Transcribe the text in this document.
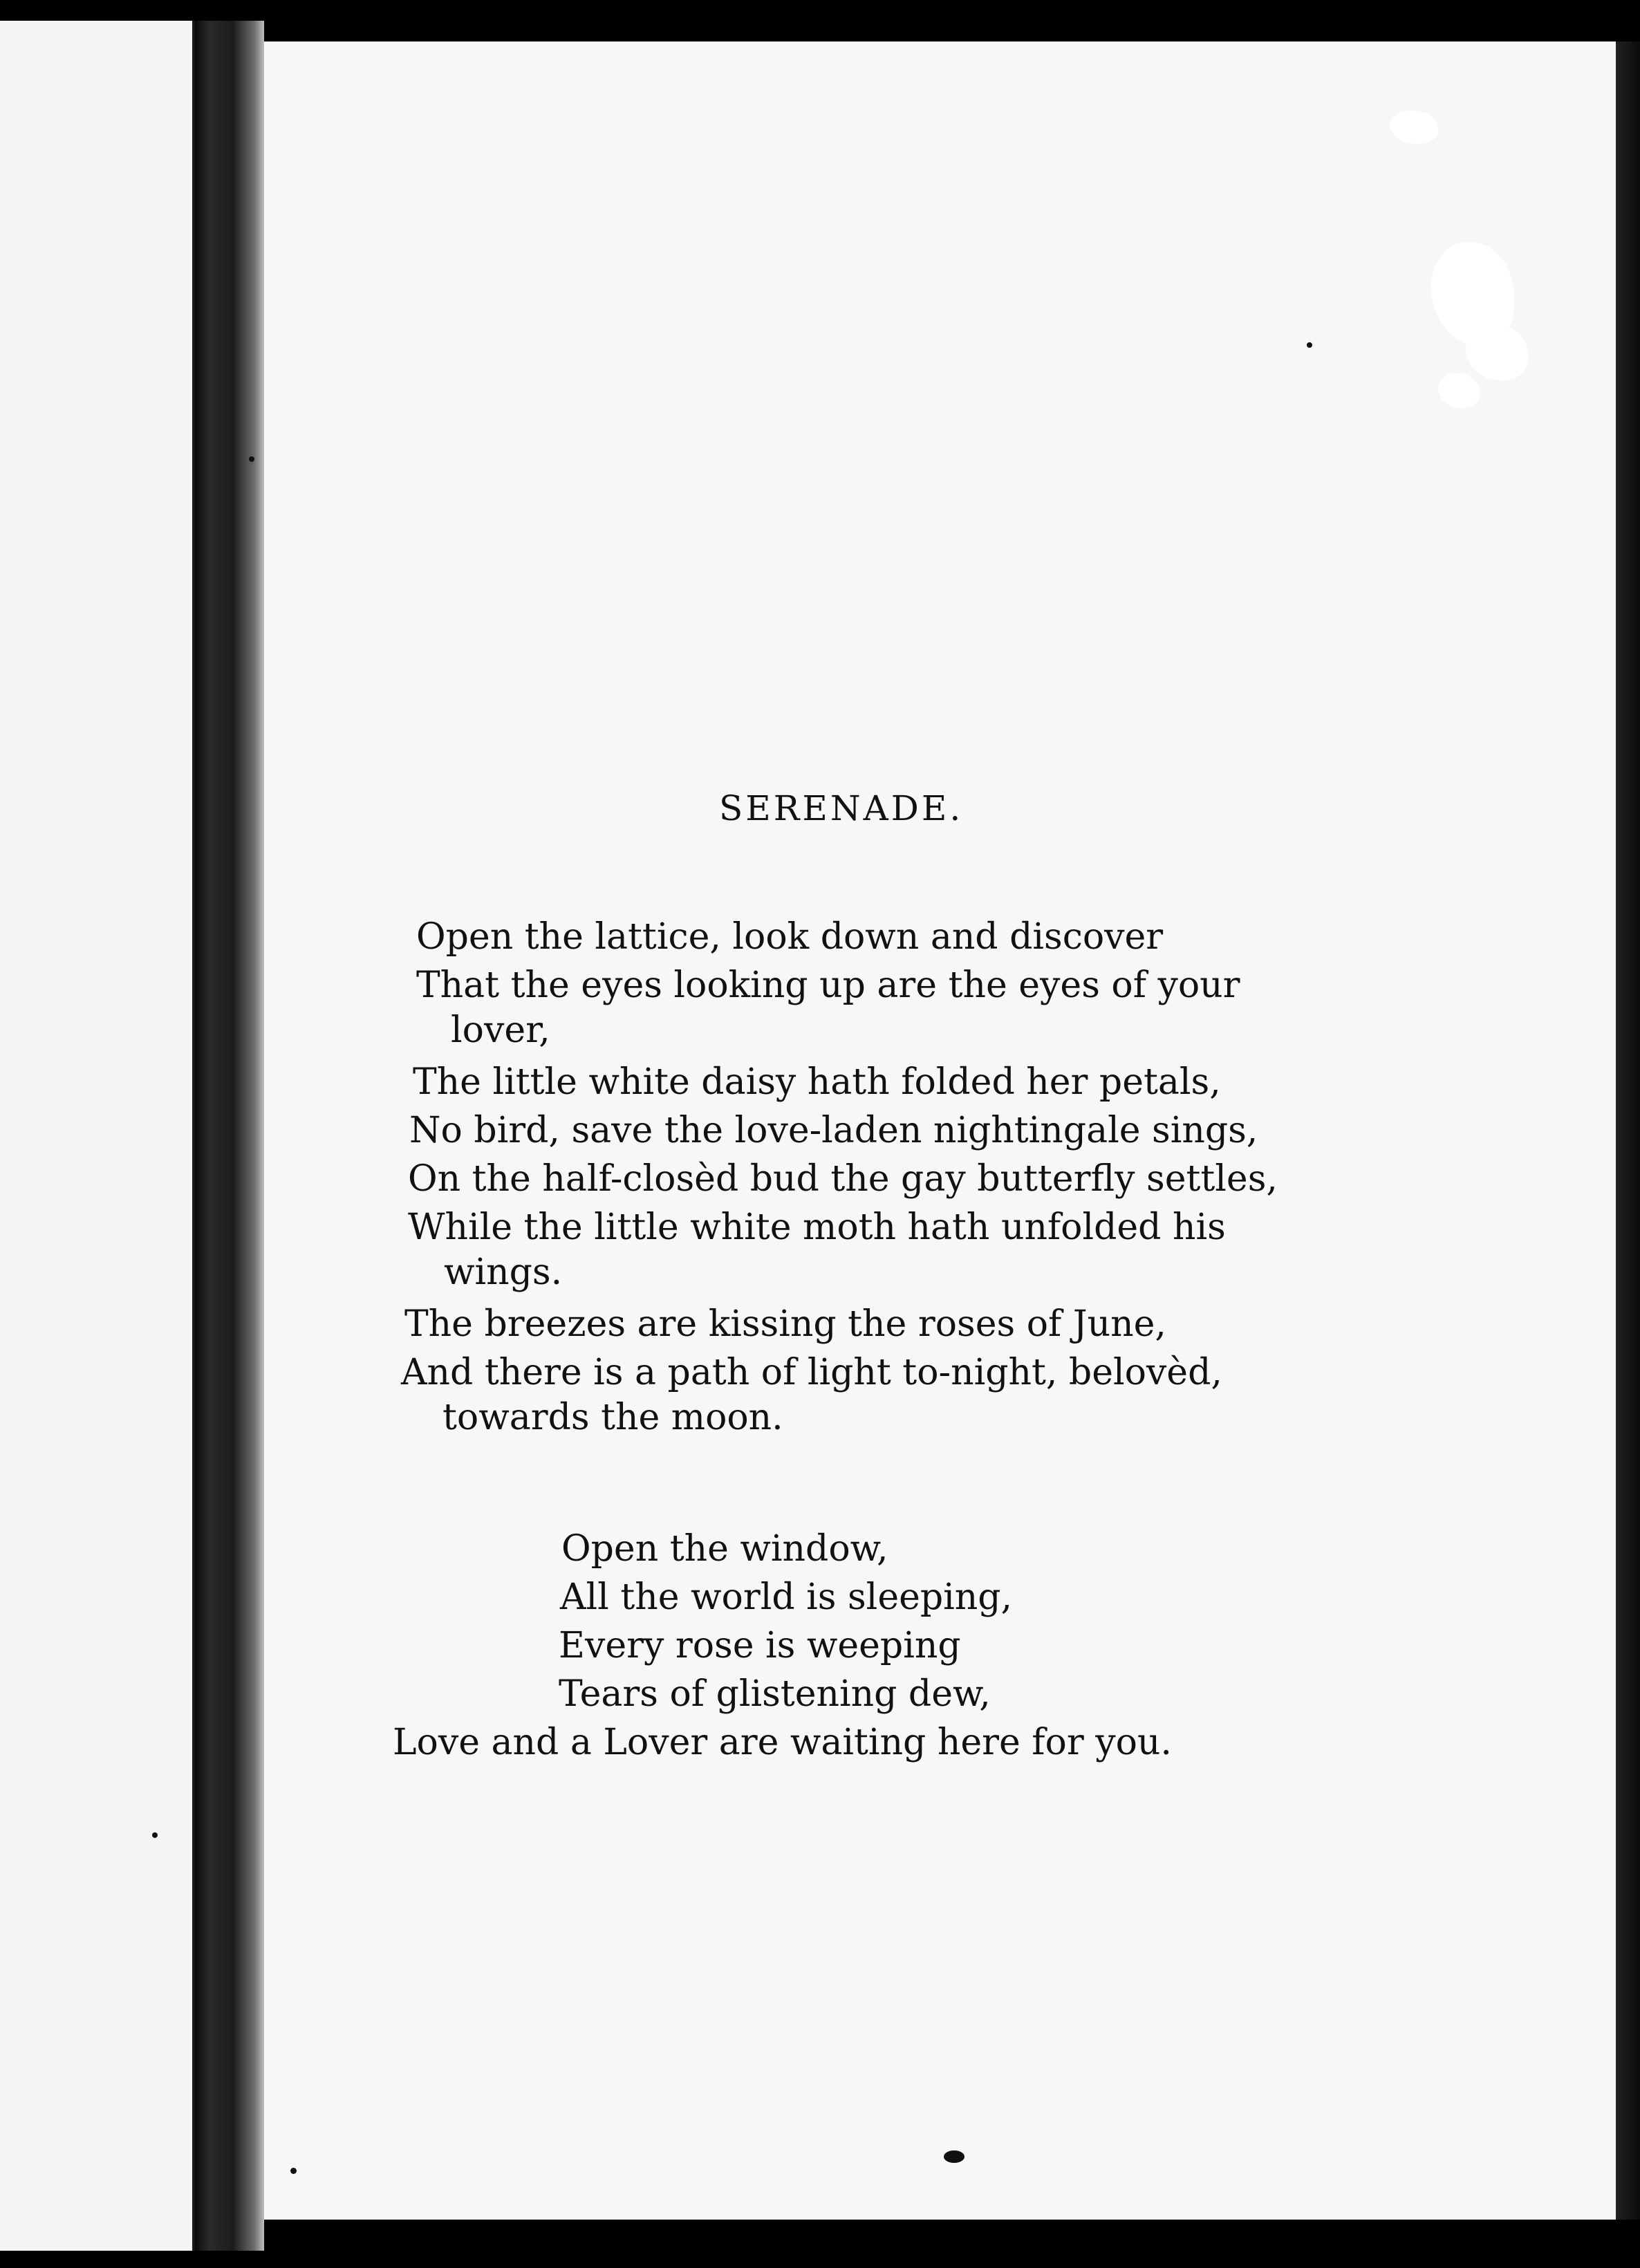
SERENADE.
Open the lattice, look down and discover
That the eyes looking up are the eyes of your
lover,
The little white daisy hath folded her petals,
No bird, save the love-laden nightingale sings,
On the half-closèd bud the gay butterfly settles,
While the little white moth hath unfolded his
wings.
The breezes are kissing the roses of June,
And there is a path of light to-night, belovèd,
towards the moon.
Open the window,
All the world is sleeping,
Every rose is weeping
Tears of glistening dew,
Love and a Lover are waiting here for you.
